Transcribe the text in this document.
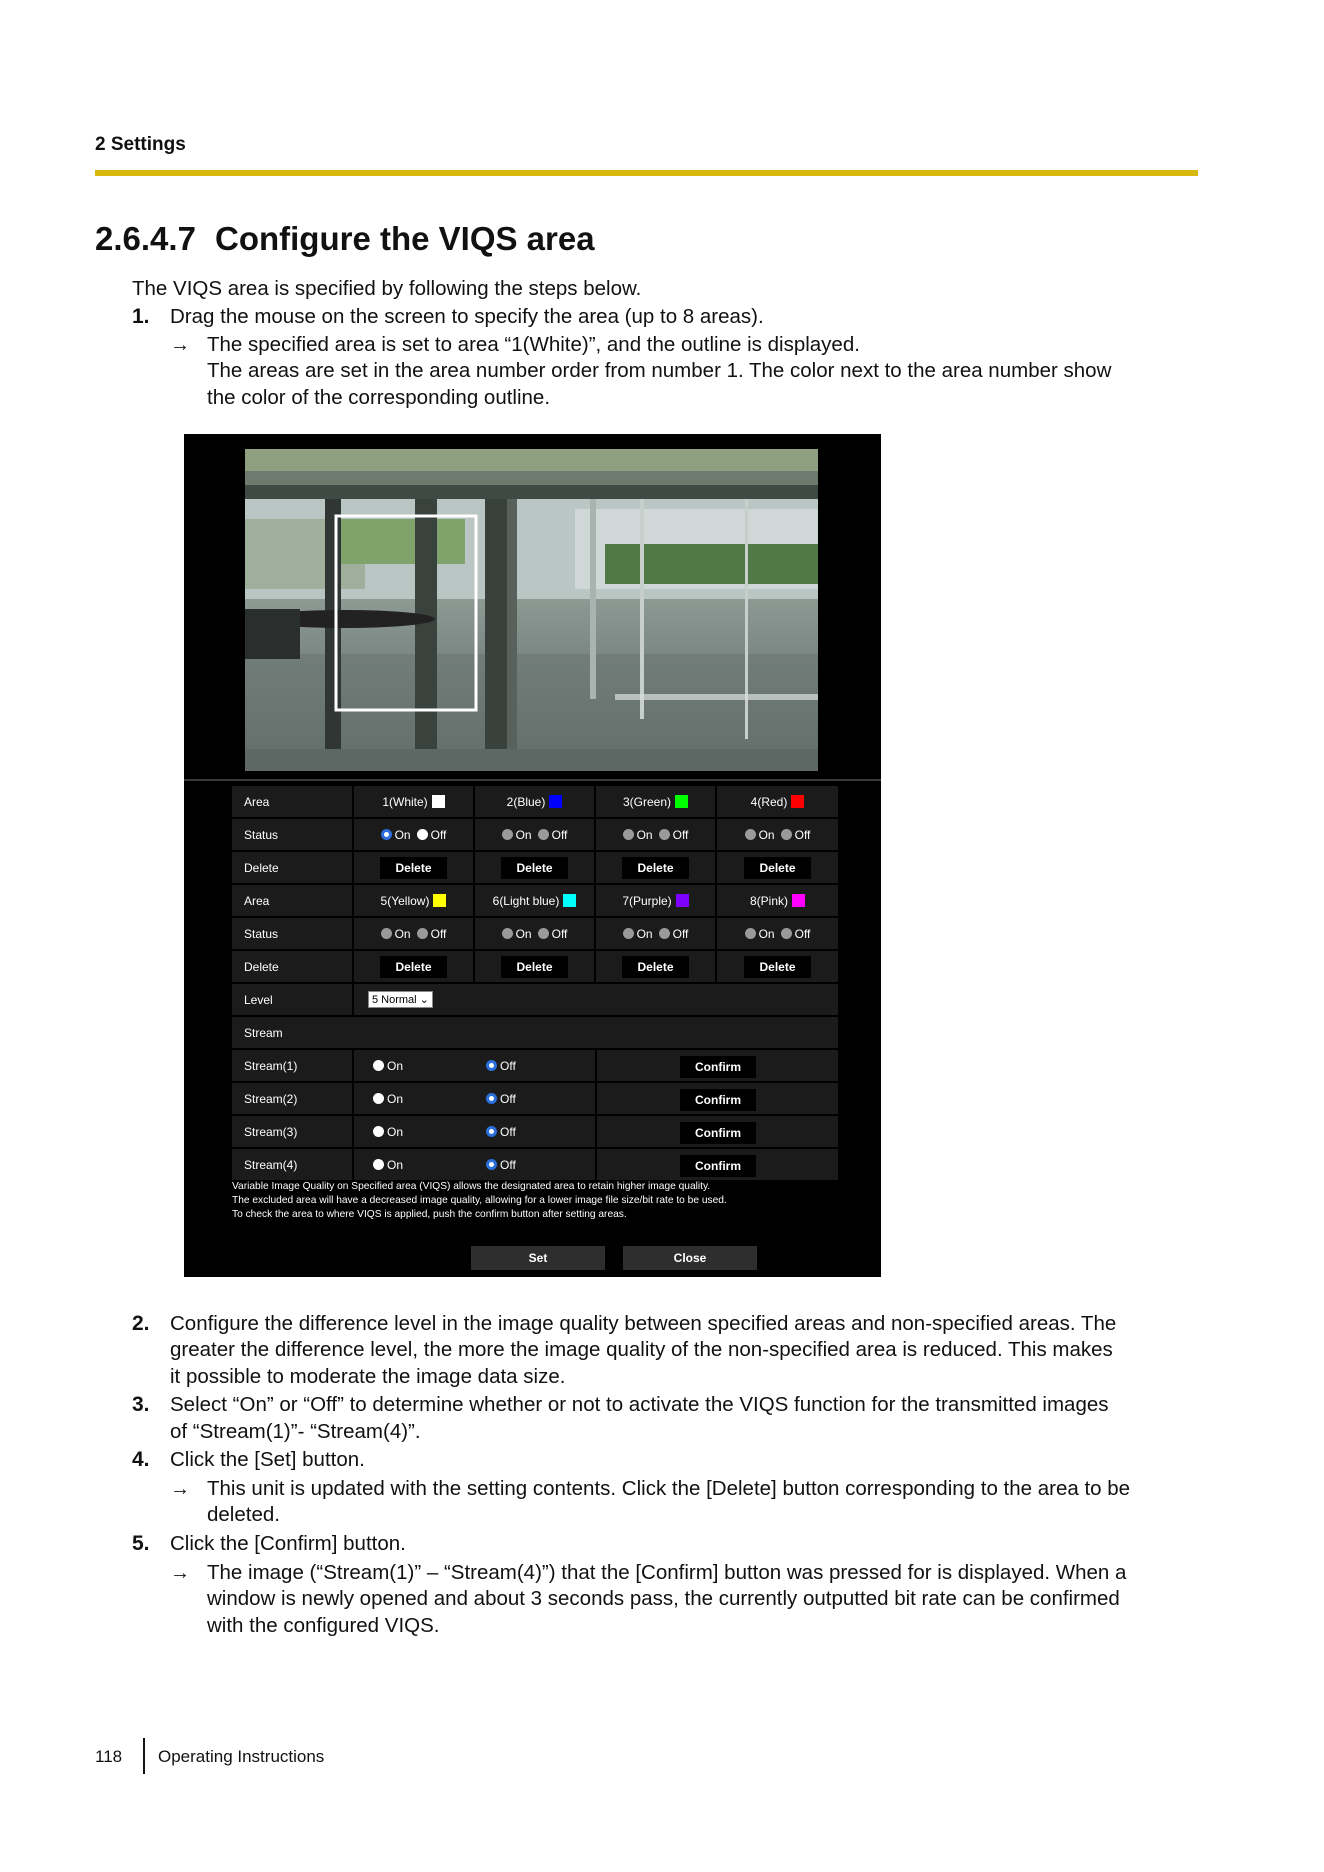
2 Settings
2.6.4.7 Configure the VIQS area
The VIQS area is specified by following the steps below.
1. Drag the mouse on the screen to specify the area (up to 8 areas).
→ The specified area is set to area “1(White)”, and the outline is displayed.
The areas are set in the area number order from number 1. The color next to the area number show
the color of the corresponding outline.
Area	1(White)	2(Blue)	3(Green)	4(Red)
Status	On Off	On Off	On Off	On Off
Delete	Delete	Delete	Delete	Delete
Area	5(Yellow)	6(Light blue)	7(Purple)	8(Pink)
Status	On Off	On Off	On Off	On Off
Delete	Delete	Delete	Delete	Delete
Level	5 Normal ⌄
Stream
Stream(1)	On	Off	Confirm
Stream(2)	On	Off	Confirm
Stream(3)	On	Off	Confirm
Stream(4)	On	Off	Confirm
Variable Image Quality on Specified area (VIQS) allows the designated area to retain higher image quality.
The excluded area will have a decreased image quality, allowing for a lower image file size/bit rate to be used.
To check the area to where VIQS is applied, push the confirm button after setting areas.
Set	Close
2. Configure the difference level in the image quality between specified areas and non-specified areas. The
greater the difference level, the more the image quality of the non-specified area is reduced. This makes
it possible to moderate the image data size.
3. Select “On” or “Off” to determine whether or not to activate the VIQS function for the transmitted images
of “Stream(1)”- “Stream(4)”.
4. Click the [Set] button.
→ This unit is updated with the setting contents. Click the [Delete] button corresponding to the area to be
deleted.
5. Click the [Confirm] button.
→ The image (“Stream(1)” – “Stream(4)”) that the [Confirm] button was pressed for is displayed. When a
window is newly opened and about 3 seconds pass, the currently outputted bit rate can be confirmed
with the configured VIQS.
118 Operating Instructions
